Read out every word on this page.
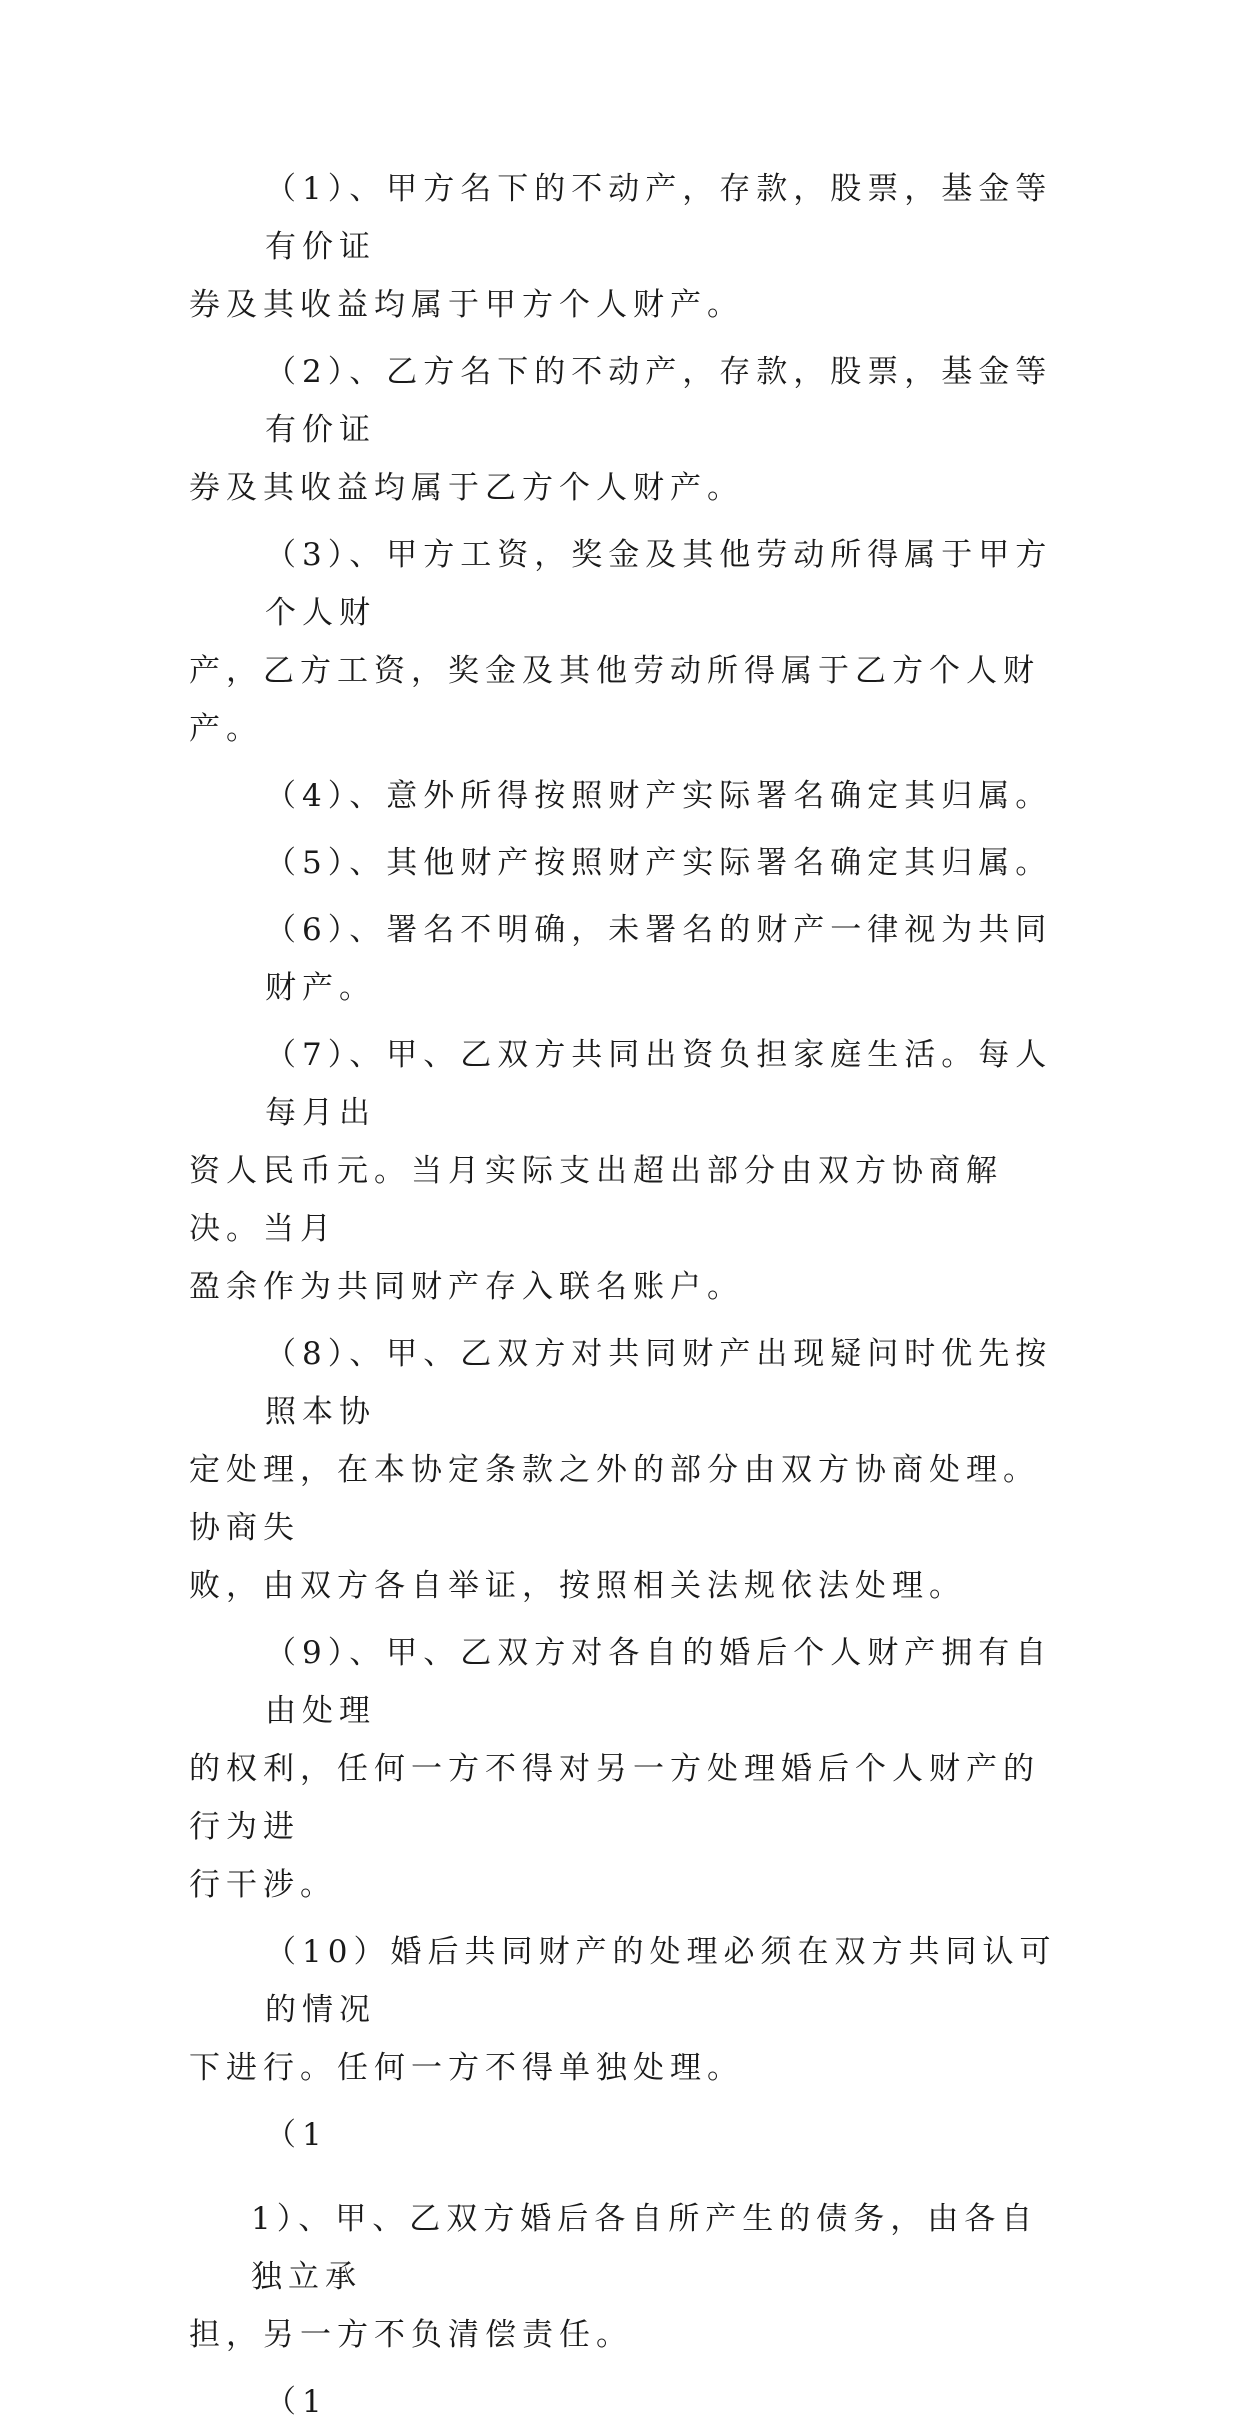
（1）、甲方名下的不动产，存款，股票，基金等有价证
券及其收益均属于甲方个人财产。
（2）、乙方名下的不动产，存款，股票，基金等有价证
券及其收益均属于乙方个人财产。
（3）、甲方工资，奖金及其他劳动所得属于甲方个人财
产，乙方工资，奖金及其他劳动所得属于乙方个人财产。
（4）、意外所得按照财产实际署名确定其归属。
（5）、其他财产按照财产实际署名确定其归属。
（6）、署名不明确，未署名的财产一律视为共同财产。
（7）、甲、乙双方共同出资负担家庭生活。每人每月出
资人民币元。当月实际支出超出部分由双方协商解决。当月
盈余作为共同财产存入联名账户。
（8）、甲、乙双方对共同财产出现疑问时优先按照本协
定处理，在本协定条款之外的部分由双方协商处理。协商失
败，由双方各自举证，按照相关法规依法处理。
（9）、甲、乙双方对各自的婚后个人财产拥有自由处理
的权利，任何一方不得对另一方处理婚后个人财产的行为进
行干涉。
（10）婚后共同财产的处理必须在双方共同认可的情况
下进行。任何一方不得单独处理。
（1
1）、甲、乙双方婚后各自所产生的债务，由各自独立承
担，另一方不负清偿责任。
（1
